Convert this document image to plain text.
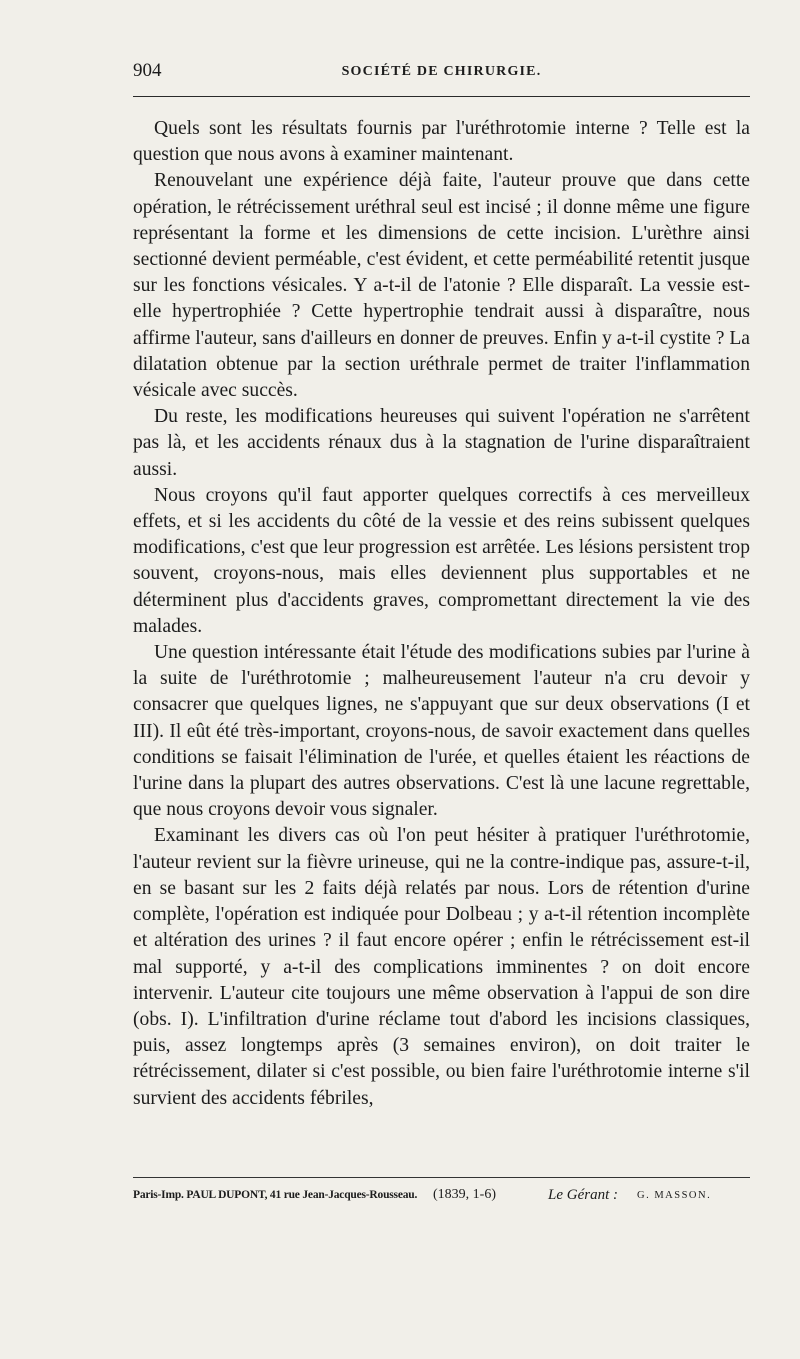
904	SOCIÉTÉ DE CHIRURGIE.

Quels sont les résultats fournis par l'uréthrotomie interne ? Telle est la question que nous avons à examiner maintenant.

Renouvelant une expérience déjà faite, l'auteur prouve que dans cette opération, le rétrécissement uréthral seul est incisé ; il donne même une figure représentant la forme et les dimensions de cette incision. L'urèthre ainsi sectionné devient perméable, c'est évident, et cette perméabilité retentit jusque sur les fonctions vésicales. Y a-t-il de l'atonie ? Elle disparaît. La vessie est-elle hypertrophiée ? Cette hypertrophie tendrait aussi à disparaître, nous affirme l'auteur, sans d'ailleurs en donner de preuves. Enfin y a-t-il cystite ? La dilatation obtenue par la section uréthrale permet de traiter l'inflammation vésicale avec succès.

Du reste, les modifications heureuses qui suivent l'opération ne s'arrêtent pas là, et les accidents rénaux dus à la stagnation de l'urine disparaîtraient aussi.

Nous croyons qu'il faut apporter quelques correctifs à ces merveilleux effets, et si les accidents du côté de la vessie et des reins subissent quelques modifications, c'est que leur progression est arrêtée. Les lésions persistent trop souvent, croyons-nous, mais elles deviennent plus supportables et ne déterminent plus d'accidents graves, compromettant directement la vie des malades.

Une question intéressante était l'étude des modifications subies par l'urine à la suite de l'uréthrotomie ; malheureusement l'auteur n'a cru devoir y consacrer que quelques lignes, ne s'appuyant que sur deux observations (I et III). Il eût été très-important, croyons-nous, de savoir exactement dans quelles conditions se faisait l'élimination de l'urée, et quelles étaient les réactions de l'urine dans la plupart des autres observations. C'est là une lacune regrettable, que nous croyons devoir vous signaler.

Examinant les divers cas où l'on peut hésiter à pratiquer l'uréthrotomie, l'auteur revient sur la fièvre urineuse, qui ne la contre-indique pas, assure-t-il, en se basant sur les 2 faits déjà relatés par nous. Lors de rétention d'urine complète, l'opération est indiquée pour Dolbeau ; y a-t-il rétention incomplète et altération des urines ? il faut encore opérer ; enfin le rétrécissement est-il mal supporté, y a-t-il des complications imminentes ? on doit encore intervenir. L'auteur cite toujours une même observation à l'appui de son dire (obs. I). L'infiltration d'urine réclame tout d'abord les incisions classiques, puis, assez longtemps après (3 semaines environ), on doit traiter le rétrécissement, dilater si c'est possible, ou bien faire l'uréthrotomie interne s'il survient des accidents fébriles,

Paris-Imp. PAUL DUPONT, 41 rue Jean-Jacques-Rousseau. (1839, 1-6)	Le Gérant : G. MASSON.
